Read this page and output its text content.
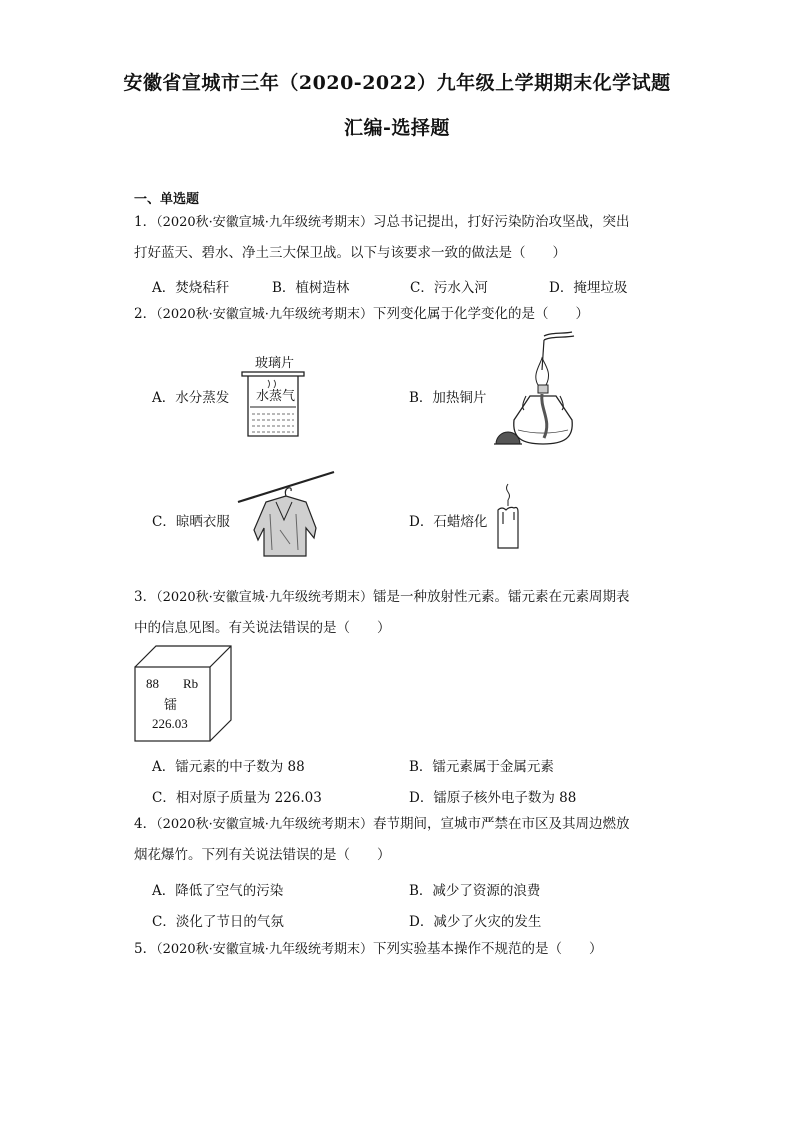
安徽省宣城市三年（2020-2022）九年级上学期期末化学试题
汇编-选择题
一、单选题
1．（2020秋·安徽宣城·九年级统考期末）习总书记提出，打好污染防治攻坚战，突出
打好蓝天、碧水、净土三大保卫战。以下与该要求一致的做法是（　　）
A．焚烧秸秆	B．植树造林	C．污水入河	D．掩埋垃圾
2．（2020秋·安徽宣城·九年级统考期末）下列变化属于化学变化的是（　　）
A．水分蒸发
玻璃片
水蒸气	B．加热铜片
C．晾晒衣服	D．石蜡熔化
3．（2020秋·安徽宣城·九年级统考期末）镭是一种放射性元素。镭元素在元素周期表
中的信息见图。有关说法错误的是（　　）
88 Rb
镭
226.03
A．镭元素的中子数为 88	B．镭元素属于金属元素
C．相对原子质量为 226.03	D．镭原子核外电子数为 88
4．（2020秋·安徽宣城·九年级统考期末）春节期间，宣城市严禁在市区及其周边燃放
烟花爆竹。下列有关说法错误的是（　　）
A．降低了空气的污染	B．减少了资源的浪费
C．淡化了节日的气氛	D．减少了火灾的发生
5．（2020秋·安徽宣城·九年级统考期末）下列实验基本操作不规范的是（　　）
